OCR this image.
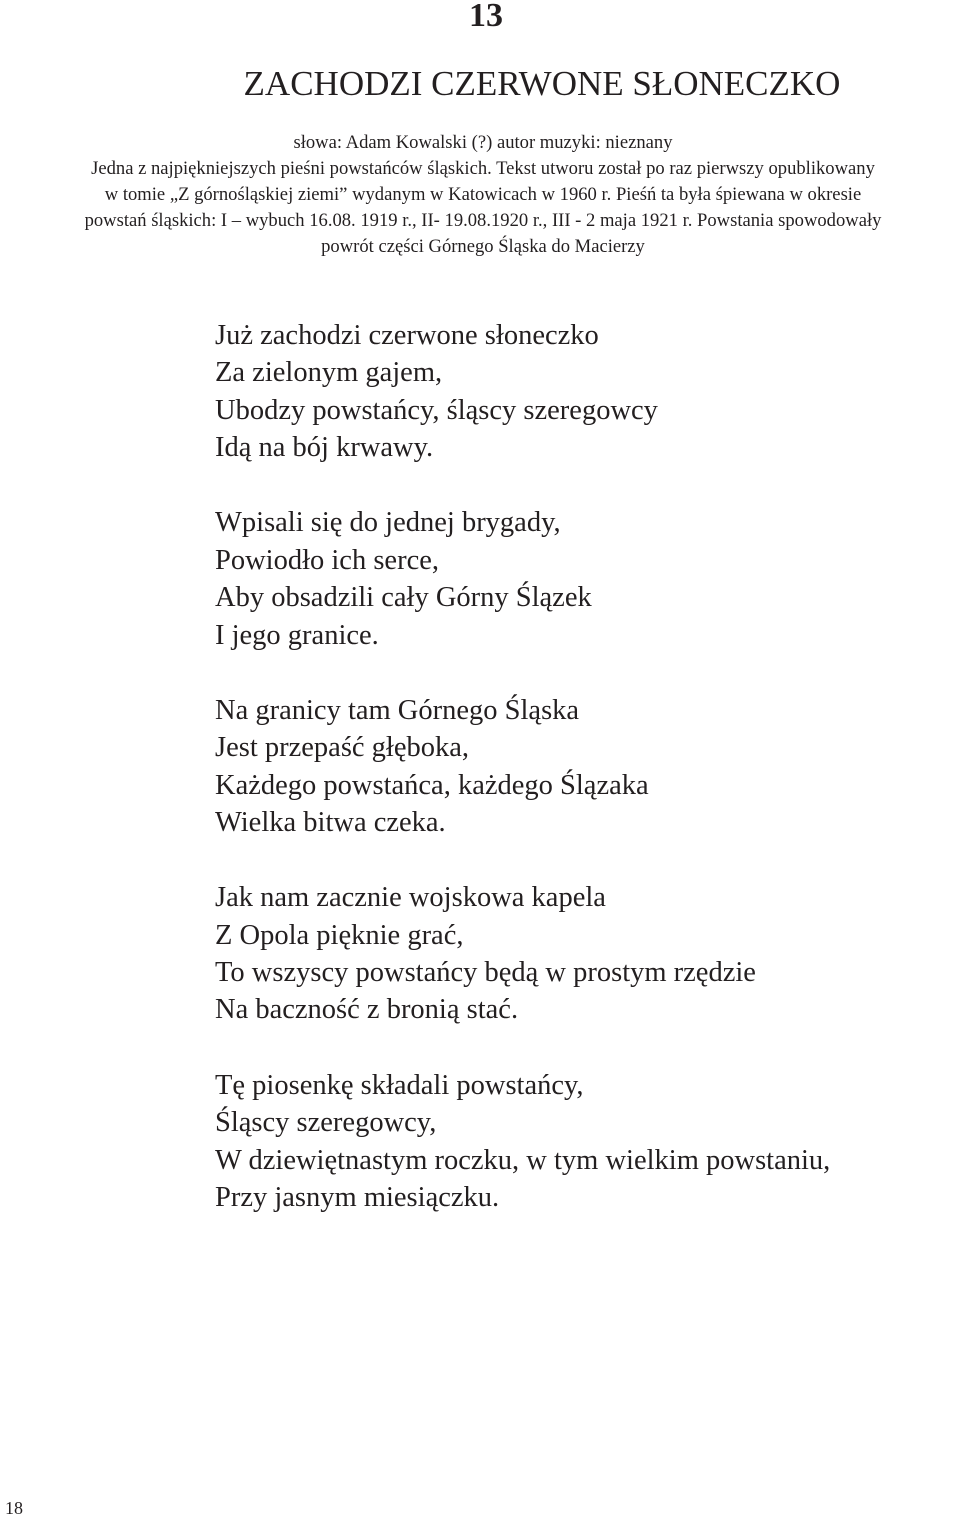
13
ZACHODZI CZERWONE SŁONECZKO
słowa: Adam Kowalski (?) autor muzyki: nieznany
Jedna z najpiękniejszych pieśni powstańców śląskich. Tekst utworu został po raz pierwszy opublikowany
w tomie „Z górnośląskiej ziemi” wydanym w Katowicach w 1960 r. Pieśń ta była śpiewana w okresie
powstań śląskich: I – wybuch 16.08. 1919 r., II- 19.08.1920 r., III - 2 maja 1921 r. Powstania spowodowały
powrót części Górnego Śląska do Macierzy
Już zachodzi czerwone słoneczko
Za zielonym gajem,
Ubodzy powstańcy, śląscy szeregowcy
Idą na bój krwawy.
Wpisali się do jednej brygady,
Powiodło ich serce,
Aby obsadzili cały Górny Ślązek
I jego granice.
Na granicy tam Górnego Śląska
Jest przepaść głęboka,
Każdego powstańca, każdego Ślązaka
Wielka bitwa czeka.
Jak nam zacznie wojskowa kapela
Z Opola pięknie grać,
To wszyscy powstańcy będą w prostym rzędzie
Na baczność z bronią stać.
Tę piosenkę składali powstańcy,
Śląscy szeregowcy,
W dziewiętnastym roczku, w tym wielkim powstaniu,
Przy jasnym miesiączku.
18
